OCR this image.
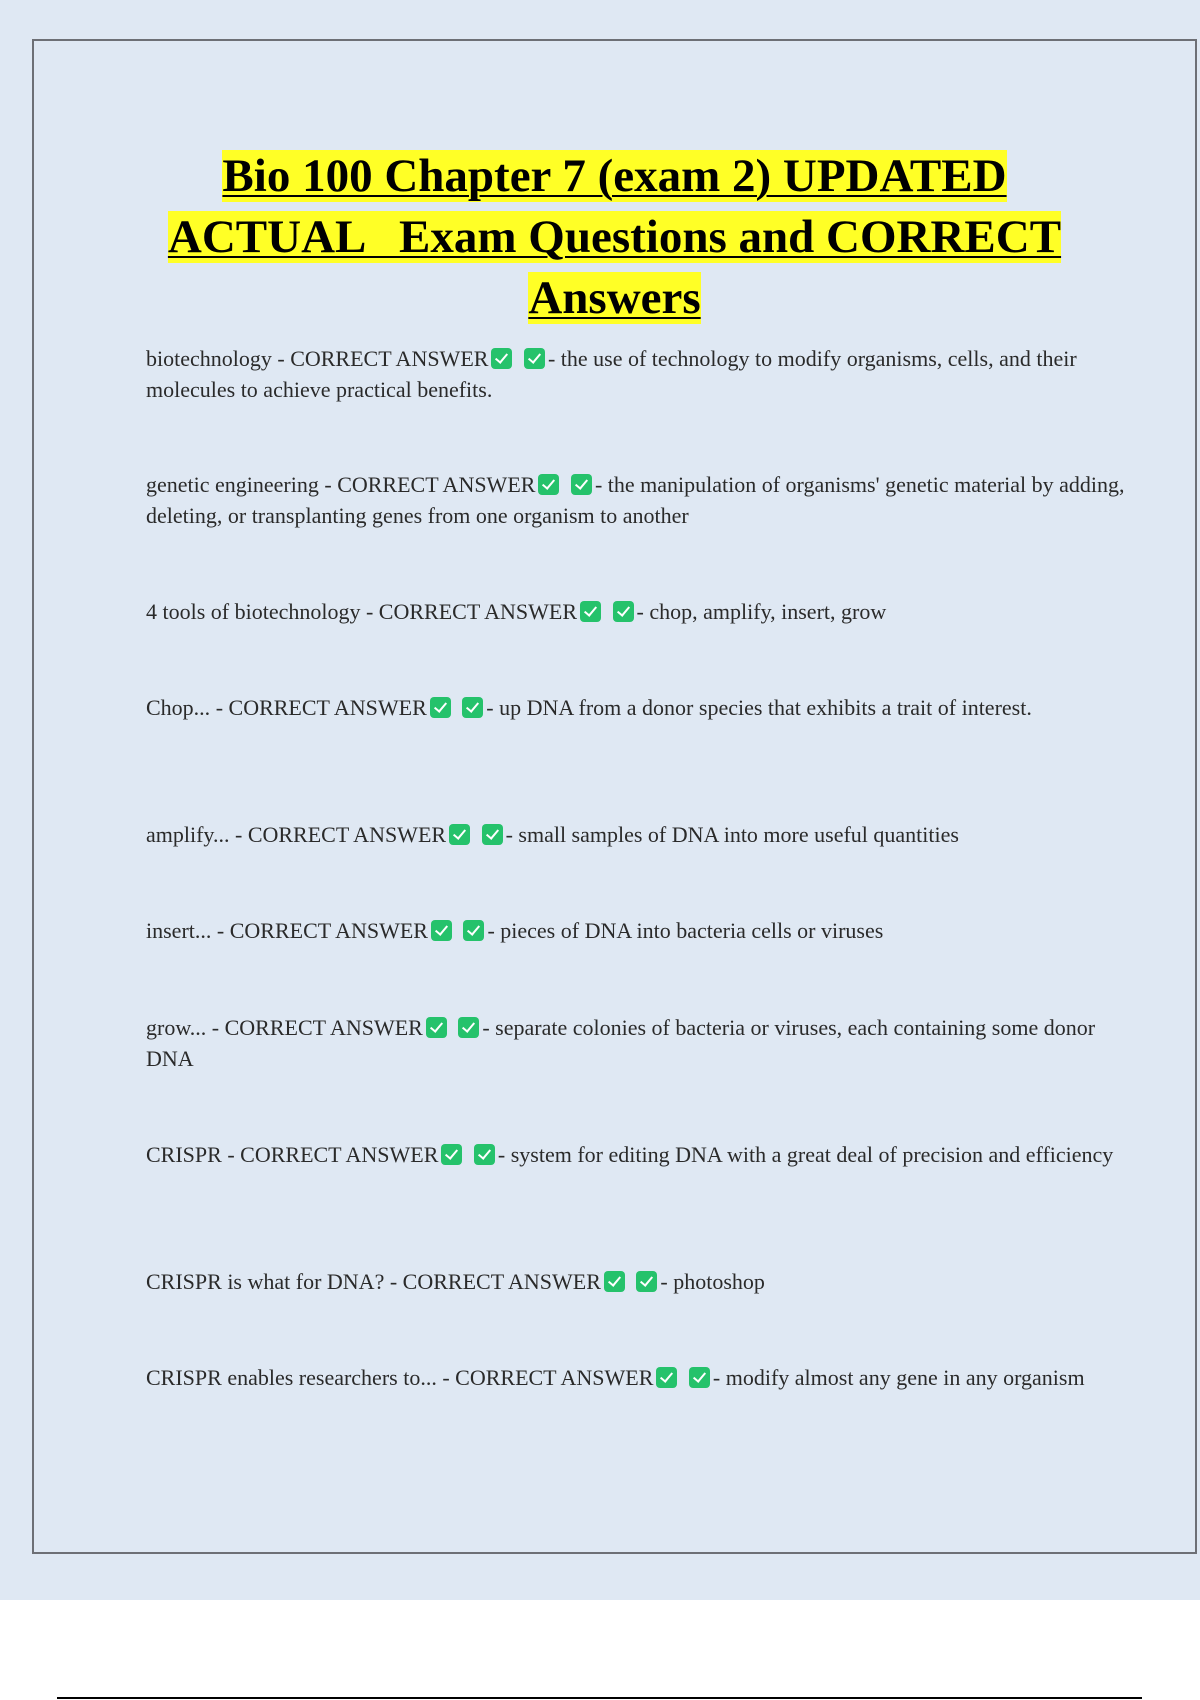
Bio 100 Chapter 7 (exam 2) UPDATED
ACTUAL   Exam Questions and CORRECT
Answers
biotechnology - CORRECT ANSWER	- the use of technology to modify organisms, cells, and their molecules to achieve practical benefits.
genetic engineering - CORRECT ANSWER	- the manipulation of organisms' genetic material by adding, deleting, or transplanting genes from one organism to another
4 tools of biotechnology - CORRECT ANSWER	- chop, amplify, insert, grow
Chop... - CORRECT ANSWER	- up DNA from a donor species that exhibits a trait of interest.
amplify... - CORRECT ANSWER	- small samples of DNA into more useful quantities
insert... - CORRECT ANSWER	- pieces of DNA into bacteria cells or viruses
grow... - CORRECT ANSWER	- separate colonies of bacteria or viruses, each containing some donor DNA
CRISPR - CORRECT ANSWER	- system for editing DNA with a great deal of precision and efficiency
CRISPR is what for DNA? - CORRECT ANSWER	- photoshop
CRISPR enables researchers to... - CORRECT ANSWER	- modify almost any gene in any organism
